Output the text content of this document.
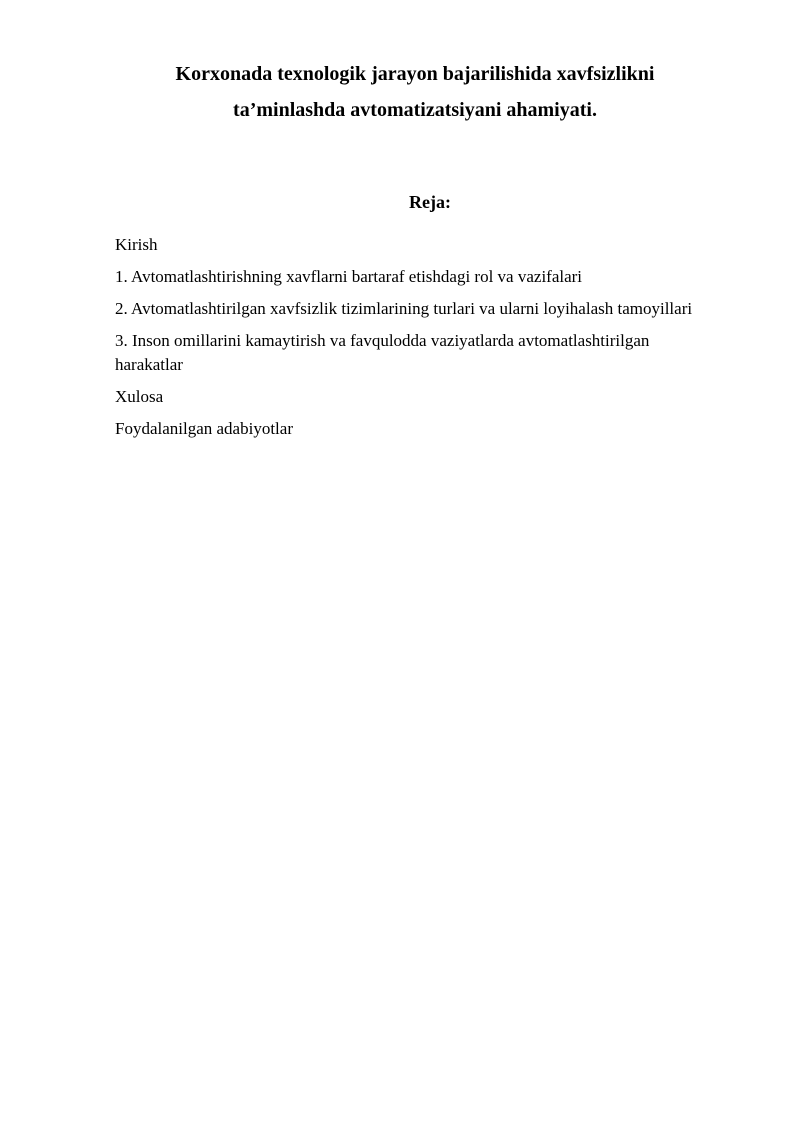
Korxonada texnologik jarayon bajarilishida xavfsizlikni
ta’minlashda avtomatizatsiyani ahamiyati.
Reja:
Kirish
1. Avtomatlashtirishning xavflarni bartaraf etishdagi rol va vazifalari
2. Avtomatlashtirilgan xavfsizlik tizimlarining turlari va ularni loyihalash tamoyillari
3. Inson omillarini kamaytirish va favqulodda vaziyatlarda avtomatlashtirilgan harakatlar
Xulosa
Foydalanilgan adabiyotlar
